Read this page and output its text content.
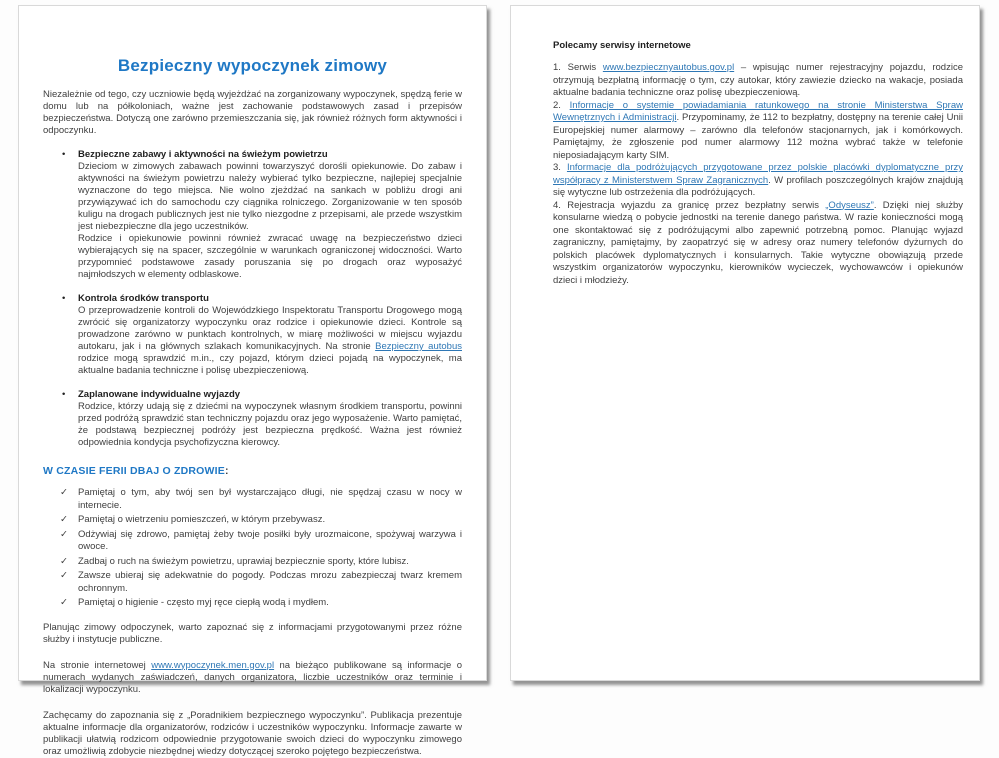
Bezpieczny wypoczynek zimowy

Niezależnie od tego, czy uczniowie będą wyjeżdżać na zorganizowany wypoczynek, spędzą ferie w domu lub na półkoloniach, ważne jest zachowanie podstawowych zasad i przepisów bezpieczeństwa. Dotyczą one zarówno przemieszczania się, jak również różnych form aktywności i odpoczynku.

• Bezpieczne zabawy i aktywności na świeżym powietrzu

Dzieciom w zimowych zabawach powinni towarzyszyć dorośli opiekunowie. Do zabaw i aktywności na świeżym powietrzu należy wybierać tylko bezpieczne, najlepiej specjalnie wyznaczone do tego miejsca. Nie wolno zjeżdżać na sankach w pobliżu drogi ani przywiązywać ich do samochodu czy ciągnika rolniczego. Zorganizowanie w ten sposób kuligu na drogach publicznych jest nie tylko niezgodne z przepisami, ale przede wszystkim jest niebezpieczne dla jego uczestników.

Rodzice i opiekunowie powinni również zwracać uwagę na bezpieczeństwo dzieci wybierających się na spacer, szczególnie w warunkach ograniczonej widoczności. Warto przypomnieć podstawowe zasady poruszania się po drogach oraz wyposażyć najmłodszych w elementy odblaskowe.

• Kontrola środków transportu

O przeprowadzenie kontroli do Wojewódzkiego Inspektoratu Transportu Drogowego mogą zwrócić się organizatorzy wypoczynku oraz rodzice i opiekunowie dzieci. Kontrole są prowadzone zarówno w punktach kontrolnych, w miarę możliwości w miejscu wyjazdu autokaru, jak i na głównych szlakach komunikacyjnych. Na stronie Bezpieczny autobus rodzice mogą sprawdzić m.in., czy pojazd, którym dzieci pojadą na wypoczynek, ma aktualne badania techniczne i polisę ubezpieczeniową.

• Zaplanowane indywidualne wyjazdy

Rodzice, którzy udają się z dziećmi na wypoczynek własnym środkiem transportu, powinni przed podróżą sprawdzić stan techniczny pojazdu oraz jego wyposażenie. Warto pamiętać, że podstawą bezpiecznej podróży jest bezpieczna prędkość. Ważna jest również odpowiednia kondycja psychofizyczna kierowcy.

W CZASIE FERII DBAJ O ZDROWIE:
✓ Pamiętaj o tym, aby twój sen był wystarczająco długi, nie spędzaj czasu w nocy w internecie.
✓ Pamiętaj o wietrzeniu pomieszczeń, w którym przebywasz.
✓ Odżywiaj się zdrowo, pamiętaj żeby twoje posiłki były urozmaicone, spożywaj warzywa i owoce.
✓ Zadbaj o ruch na świeżym powietrzu, uprawiaj bezpiecznie sporty, które lubisz.
✓ Zawsze ubieraj się adekwatnie do pogody. Podczas mrozu zabezpieczaj twarz kremem ochronnym.
✓ Pamiętaj o higienie - często myj ręce ciepłą wodą i mydłem.

Planując zimowy odpoczynek, warto zapoznać się z informacjami przygotowanymi przez różne służby i instytucje publiczne.

Na stronie internetowej www.wypoczynek.men.gov.pl na bieżąco publikowane są informacje o numerach wydanych zaświadczeń, danych organizatora, liczbie uczestników oraz terminie i lokalizacji wypoczynku.

Zachęcamy do zapoznania się z „Poradnikiem bezpiecznego wypoczynku”. Publikacja prezentuje aktualne informacje dla organizatorów, rodziców i uczestników wypoczynku. Informacje zawarte w publikacji ułatwią rodzicom odpowiednie przygotowanie swoich dzieci do wypoczynku zimowego oraz umożliwią zdobycie niezbędnej wiedzy dotyczącej szeroko pojętego bezpieczeństwa.

Polecamy serwisy internetowe

1. Serwis www.bezpiecznyautobus.gov.pl – wpisując numer rejestracyjny pojazdu, rodzice otrzymują bezpłatną informację o tym, czy autokar, który zawiezie dziecko na wakacje, posiada aktualne badania techniczne oraz polisę ubezpieczeniową.

2. Informacje o systemie powiadamiania ratunkowego na stronie Ministerstwa Spraw Wewnętrznych i Administracji. Przypominamy, że 112 to bezpłatny, dostępny na terenie całej Unii Europejskiej numer alarmowy – zarówno dla telefonów stacjonarnych, jak i komórkowych. Pamiętajmy, że zgłoszenie pod numer alarmowy 112 można wybrać także w telefonie nieposiadającym karty SIM.

3. Informacje dla podróżujących przygotowane przez polskie placówki dyplomatyczne przy współpracy z Ministerstwem Spraw Zagranicznych. W profilach poszczególnych krajów znajdują się wytyczne lub ostrzeżenia dla podróżujących.

4. Rejestracja wyjazdu za granicę przez bezpłatny serwis „Odyseusz”. Dzięki niej służby konsularne wiedzą o pobycie jednostki na terenie danego państwa. W razie konieczności mogą one skontaktować się z podróżującymi albo zapewnić potrzebną pomoc. Planując wyjazd zagraniczny, pamiętajmy, by zaopatrzyć się w adresy oraz numery telefonów dyżurnych do polskich placówek dyplomatycznych i konsularnych. Takie wytyczne obowiązują przede wszystkim organizatorów wypoczynku, kierowników wycieczek, wychowawców i opiekunów dzieci i młodzieży.
